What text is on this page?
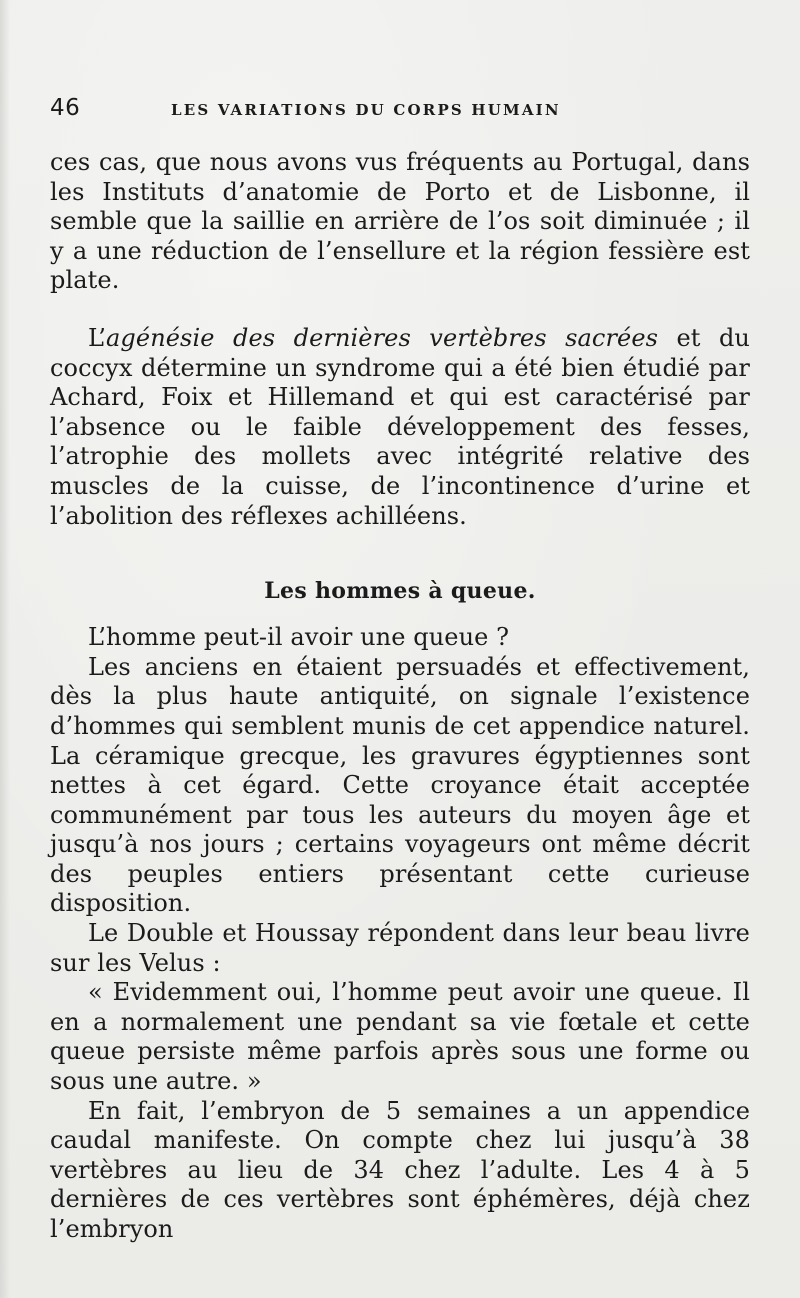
46	LES VARIATIONS DU CORPS HUMAIN

ces cas, que nous avons vus fréquents au Portugal, dans les Instituts d’anatomie de Porto et de Lisbonne, il semble que la saillie en arrière de l’os soit diminuée ; il y a une réduction de l’ensellure et la région fessière est plate.

L’agénésie des dernières vertèbres sacrées et du coccyx détermine un syndrome qui a été bien étudié par Achard, Foix et Hillemand et qui est caractérisé par l’absence ou le faible développement des fesses, l’atrophie des mollets avec intégrité relative des muscles de la cuisse, de l’incontinence d’urine et l’abolition des réflexes achilléens.

Les hommes à queue.

L’homme peut-il avoir une queue ?

Les anciens en étaient persuadés et effectivement, dès la plus haute antiquité, on signale l’existence d’hommes qui semblent munis de cet appendice naturel. La céramique grecque, les gravures égyptiennes sont nettes à cet égard. Cette croyance était acceptée communément par tous les auteurs du moyen âge et jusqu’à nos jours ; certains voyageurs ont même décrit des peuples entiers présentant cette curieuse disposition.

Le Double et Houssay répondent dans leur beau livre sur les Velus :

« Evidemment oui, l’homme peut avoir une queue. Il en a normalement une pendant sa vie fœtale et cette queue persiste même parfois après sous une forme ou sous une autre. »

En fait, l’embryon de 5 semaines a un appendice caudal manifeste. On compte chez lui jusqu’à 38 vertèbres au lieu de 34 chez l’adulte. Les 4 à 5 dernières de ces vertèbres sont éphémères, déjà chez l’embryon
